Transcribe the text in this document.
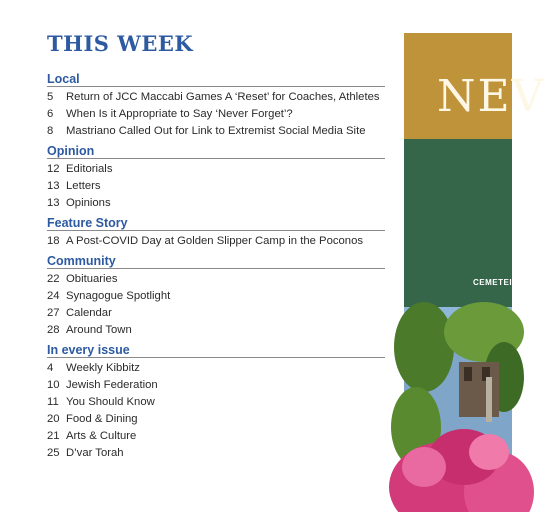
THIS WEEK
Local
5	Return of JCC Maccabi Games A ‘Reset’ for Coaches, Athletes
6	When Is it Appropriate to Say ‘Never Forget’?
8	Mastriano Called Out for Link to Extremist Social Media Site
Opinion
12 Editorials
13 Letters
13 Opinions
Feature Story
18 A Post-COVID Day at Golden Slipper Camp in the Poconos
Community
22 Obituaries
24 Synagogue Spotlight
27 Calendar
28 Around Town
In every issue
4	Weekly Kibbitz
10 Jewish Federation
11 You Should Know
20 Food & Dining
21 Arts & Culture
25 D’var Torah
NEV
CEMETEI
